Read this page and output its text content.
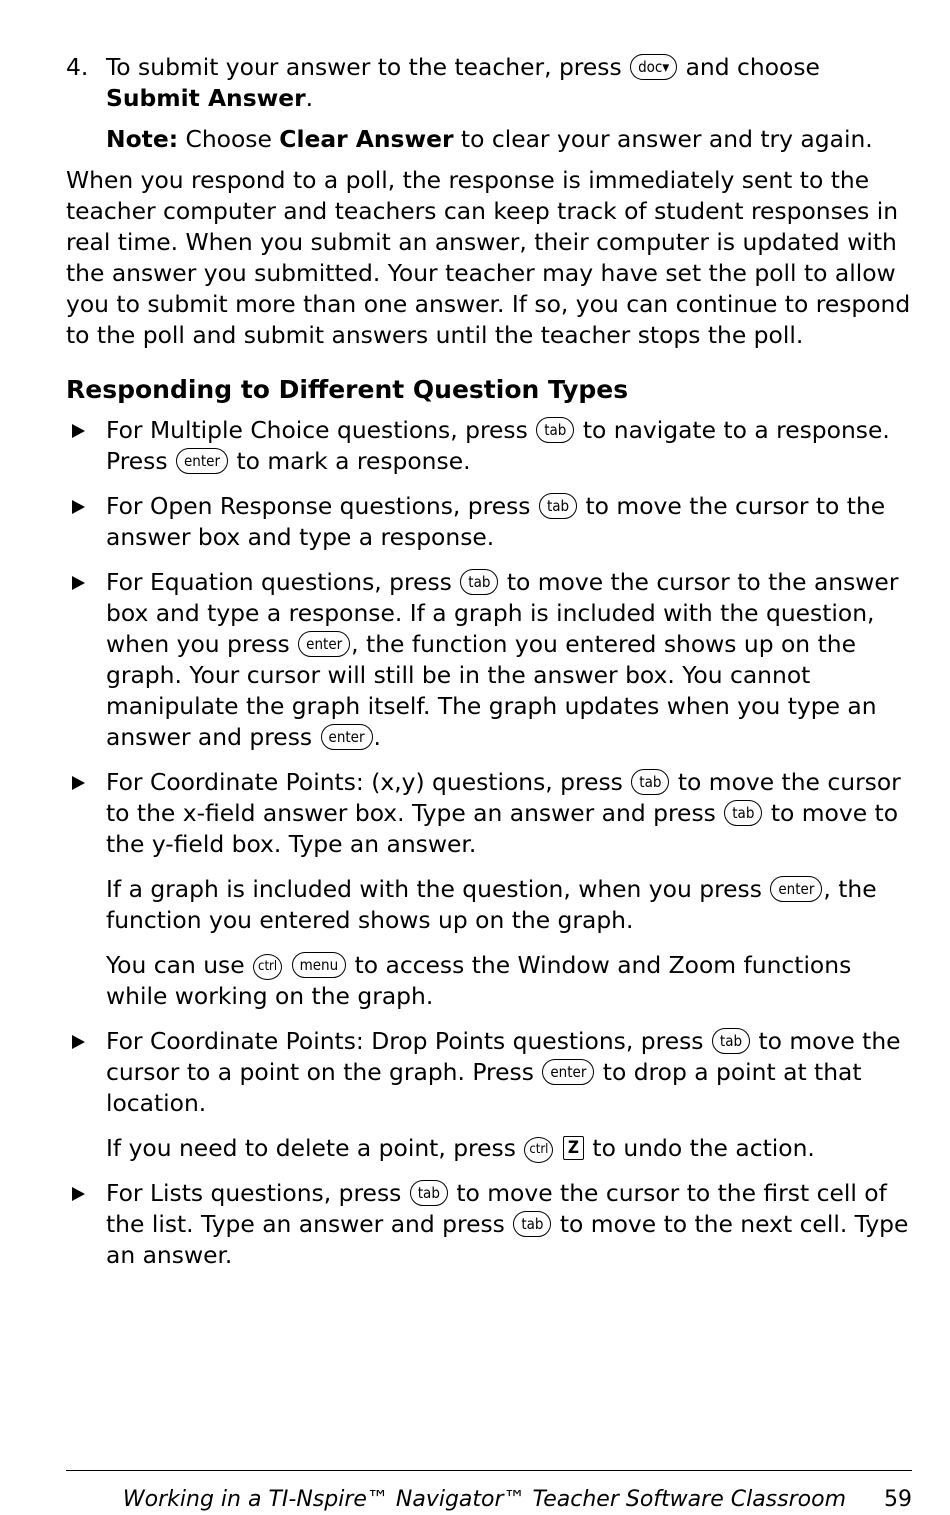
4. To submit your answer to the teacher, press doc▾ and choose Submit Answer.

Note: Choose Clear Answer to clear your answer and try again.

When you respond to a poll, the response is immediately sent to the teacher computer and teachers can keep track of student responses in real time. When you submit an answer, their computer is updated with the answer you submitted. Your teacher may have set the poll to allow you to submit more than one answer. If so, you can continue to respond to the poll and submit answers until the teacher stops the poll.

Responding to Different Question Types

For Multiple Choice questions, press tab to navigate to a response. Press enter to mark a response.

For Open Response questions, press tab to move the cursor to the answer box and type a response.

For Equation questions, press tab to move the cursor to the answer box and type a response. If a graph is included with the question, when you press enter , the function you entered shows up on the graph. Your cursor will still be in the answer box. You cannot manipulate the graph itself. The graph updates when you type an answer and press enter .

For Coordinate Points: (x,y) questions, press tab to move the cursor to the x-field answer box. Type an answer and press tab to move to the y-field box. Type an answer.

If a graph is included with the question, when you press enter , the function you entered shows up on the graph.

You can use ctrl menu to access the Window and Zoom functions while working on the graph.

For Coordinate Points: Drop Points questions, press tab to move the cursor to a point on the graph. Press enter to drop a point at that location.

If you need to delete a point, press ctrl Z to undo the action.

For Lists questions, press tab to move the cursor to the first cell of the list. Type an answer and press tab to move to the next cell. Type an answer.

Working in a TI-Nspire™ Navigator™ Teacher Software Classroom 59
